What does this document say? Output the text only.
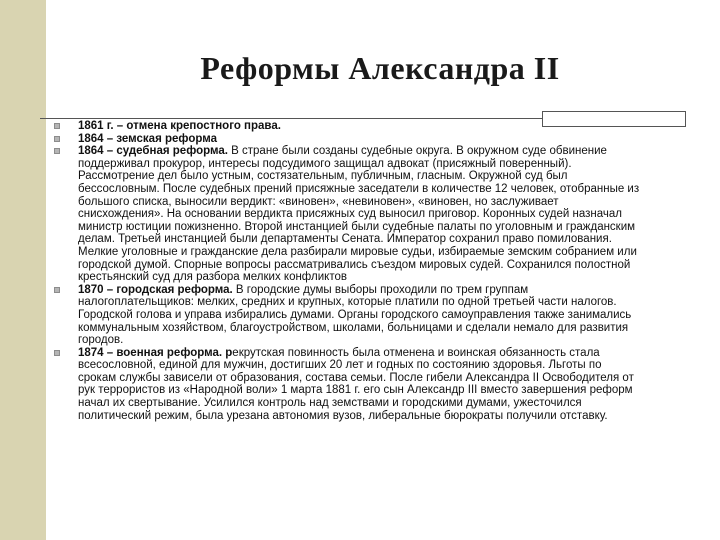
Реформы Александра II
1861 г. – отмена крепостного права.
1864 – земская реформа
1864 – судебная реформа. В стране были созданы судебные округа. В окружном суде обвинение поддерживал прокурор, интересы подсудимого защищал адвокат (присяжный поверенный). Рассмотрение дел было устным, состязательным, публичным, гласным. Окружной суд был бессословным. После судебных прений присяжные заседатели в количестве 12 человек, отобранные из большого списка, выносили вердикт: «виновен», «невиновен», «виновен, но заслуживает снисхождения». На основании вердикта присяжных суд выносил приговор. Коронных судей назначал министр юстиции пожизненно. Второй инстанцией были судебные палаты по уголовным и гражданским делам. Третьей инстанцией были департаменты Сената. Император сохранил право помилования. Мелкие уголовные и гражданские дела разбирали мировые судьи, избираемые земским собранием или городской думой. Спорные вопросы рассматривались съездом мировых судей. Сохранился полостной крестьянский суд для разбора мелких конфликтов
1870 – городская реформа. В городские думы выборы проходили по трем группам налогоплательщиков: мелких, средних и крупных, которые платили по одной третьей части налогов. Городской голова и управа избирались думами. Органы городского самоуправления также занимались коммунальным хозяйством, благоустройством, школами, больницами и сделали немало для развития городов.
1874 – военная реформа. рекрутская повинность была отменена и воинская обязанность стала всесословной, единой для мужчин, достигших 20 лет и годных по состоянию здоровья. Льготы по срокам службы зависели от образования, состава семьи. После гибели Александра II Освободителя от рук террористов из «Народной воли» 1 марта 1881 г. его сын Александр III вместо завершения реформ начал их свертывание. Усилился контроль над земствами и городскими думами, ужесточился политический режим, была урезана автономия вузов, либеральные бюрократы получили отставку.
